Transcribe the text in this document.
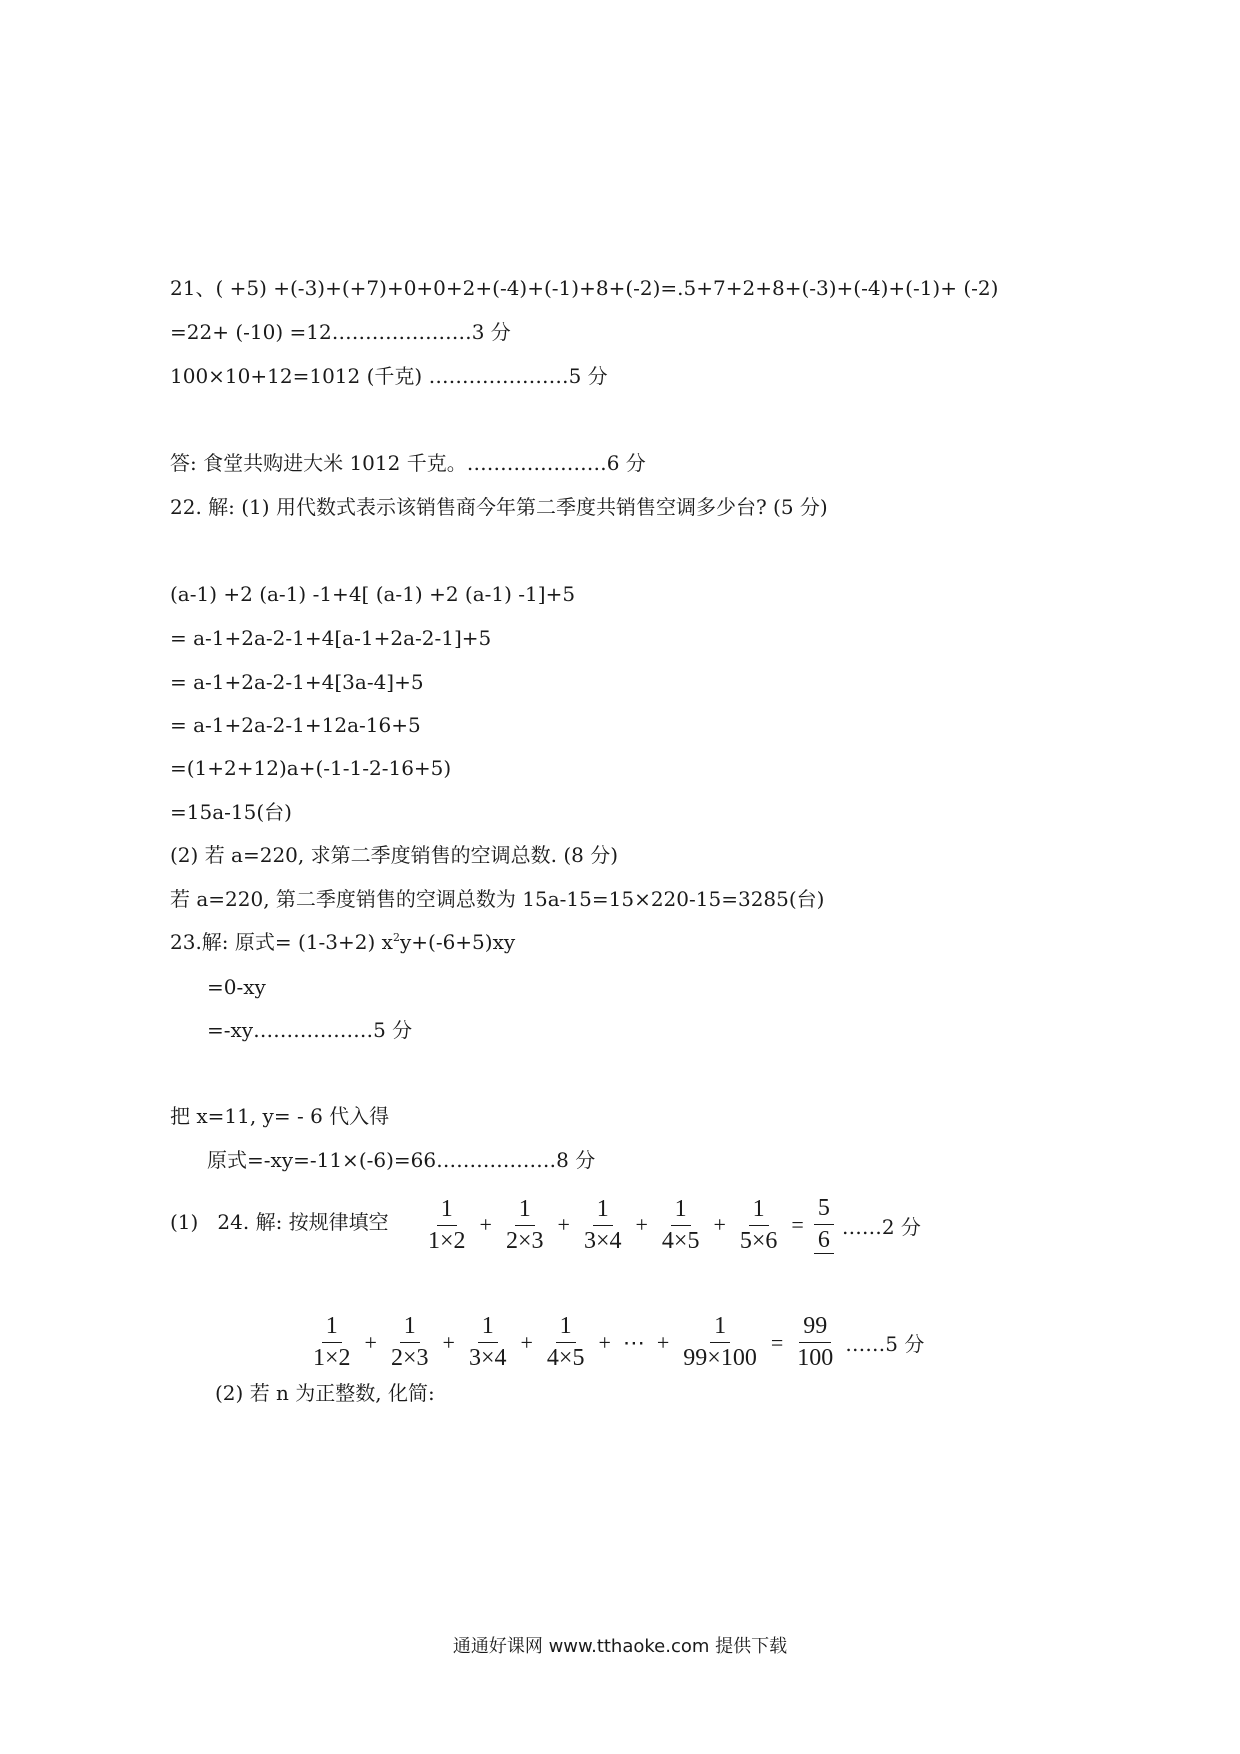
21、( +5) +(-3)+(+7)+0+0+2+(-4)+(-1)+8+(-2)=.5+7+2+8+(-3)+(-4)+(-1)+ (-2)
=22+ (-10) =12…………………3 分
100×10+12=1012 (千克) …………………5 分
答: 食堂共购进大米 1012 千克。…………………6 分
22. 解: (1) 用代数式表示该销售商今年第二季度共销售空调多少台? (5 分)
(a-1) +2 (a-1) -1+4[ (a-1) +2 (a-1) -1]+5
= a-1+2a-2-1+4[a-1+2a-2-1]+5
= a-1+2a-2-1+4[3a-4]+5
= a-1+2a-2-1+12a-16+5
=(1+2+12)a+(-1-1-2-16+5)
=15a-15(台)
(2) 若 a=220, 求第二季度销售的空调总数. (8 分)
若 a=220, 第二季度销售的空调总数为 15a-15=15×220-15=3285(台)
23.解: 原式= (1-3+2) $x^2y+(-6+5)xy$
=0-xy
=-xy………………5 分
把 x=11, y= - 6 代入得
原式=-xy=-11×(-6)=66………………8 分
(1)   24. 解: 按规律填空 $\frac{1}{1\times 2} + \frac{1}{2\times 3} + \frac{1}{3\times 4} + \frac{1}{4\times 5} + \frac{1}{5\times 6} = \frac{5}{6}$ ……2 分
$\frac{1}{1\times 2} + \frac{1}{2\times 3} + \frac{1}{3\times 4} + \frac{1}{4\times 5}$ + ⋯ + $\frac{1}{99\times 100} = \frac{99}{100}$ ……5 分
(2) 若 n 为正整数, 化简:
通通好课网 www.tthaoke.com 提供下载
